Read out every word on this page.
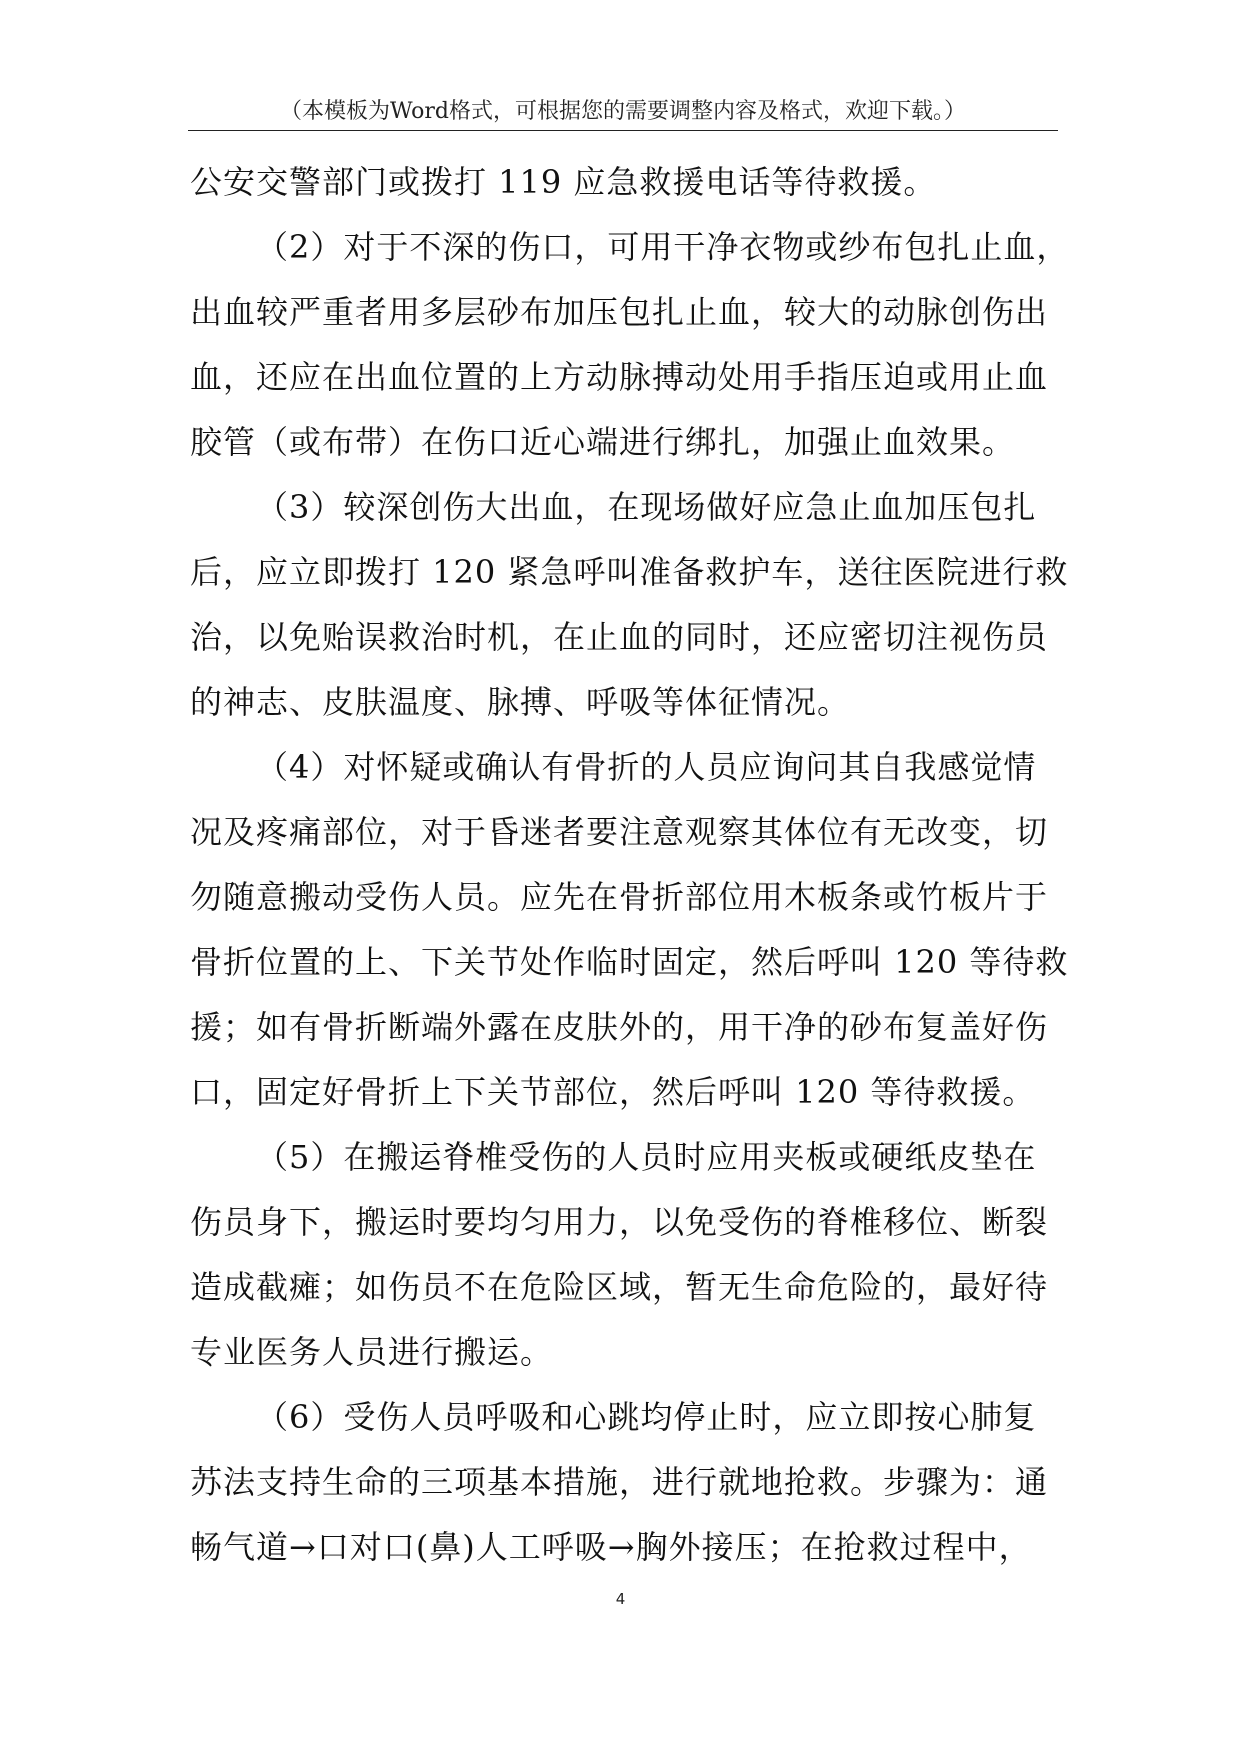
（本模板为Word格式，可根据您的需要调整内容及格式，欢迎下载。）
公安交警部门或拨打 119 应急救援电话等待救援。
（2）对于不深的伤口，可用干净衣物或纱布包扎止血，
出血较严重者用多层砂布加压包扎止血，较大的动脉创伤出
血，还应在出血位置的上方动脉搏动处用手指压迫或用止血
胶管（或布带）在伤口近心端进行绑扎，加强止血效果。
（3）较深创伤大出血，在现场做好应急止血加压包扎
后，应立即拨打 120 紧急呼叫准备救护车，送往医院进行救
治，以免贻误救治时机，在止血的同时，还应密切注视伤员
的神志、皮肤温度、脉搏、呼吸等体征情况。
（4）对怀疑或确认有骨折的人员应询问其自我感觉情
况及疼痛部位，对于昏迷者要注意观察其体位有无改变，切
勿随意搬动受伤人员。应先在骨折部位用木板条或竹板片于
骨折位置的上、下关节处作临时固定，然后呼叫 120 等待救
援；如有骨折断端外露在皮肤外的，用干净的砂布复盖好伤
口，固定好骨折上下关节部位，然后呼叫 120 等待救援。
（5）在搬运脊椎受伤的人员时应用夹板或硬纸皮垫在
伤员身下，搬运时要均匀用力，以免受伤的脊椎移位、断裂
造成截瘫；如伤员不在危险区域，暂无生命危险的，最好待
专业医务人员进行搬运。
（6）受伤人员呼吸和心跳均停止时，应立即按心肺复
苏法支持生命的三项基本措施，进行就地抢救。步骤为：通
畅气道→口对口(鼻)人工呼吸→胸外接压；在抢救过程中，
4
